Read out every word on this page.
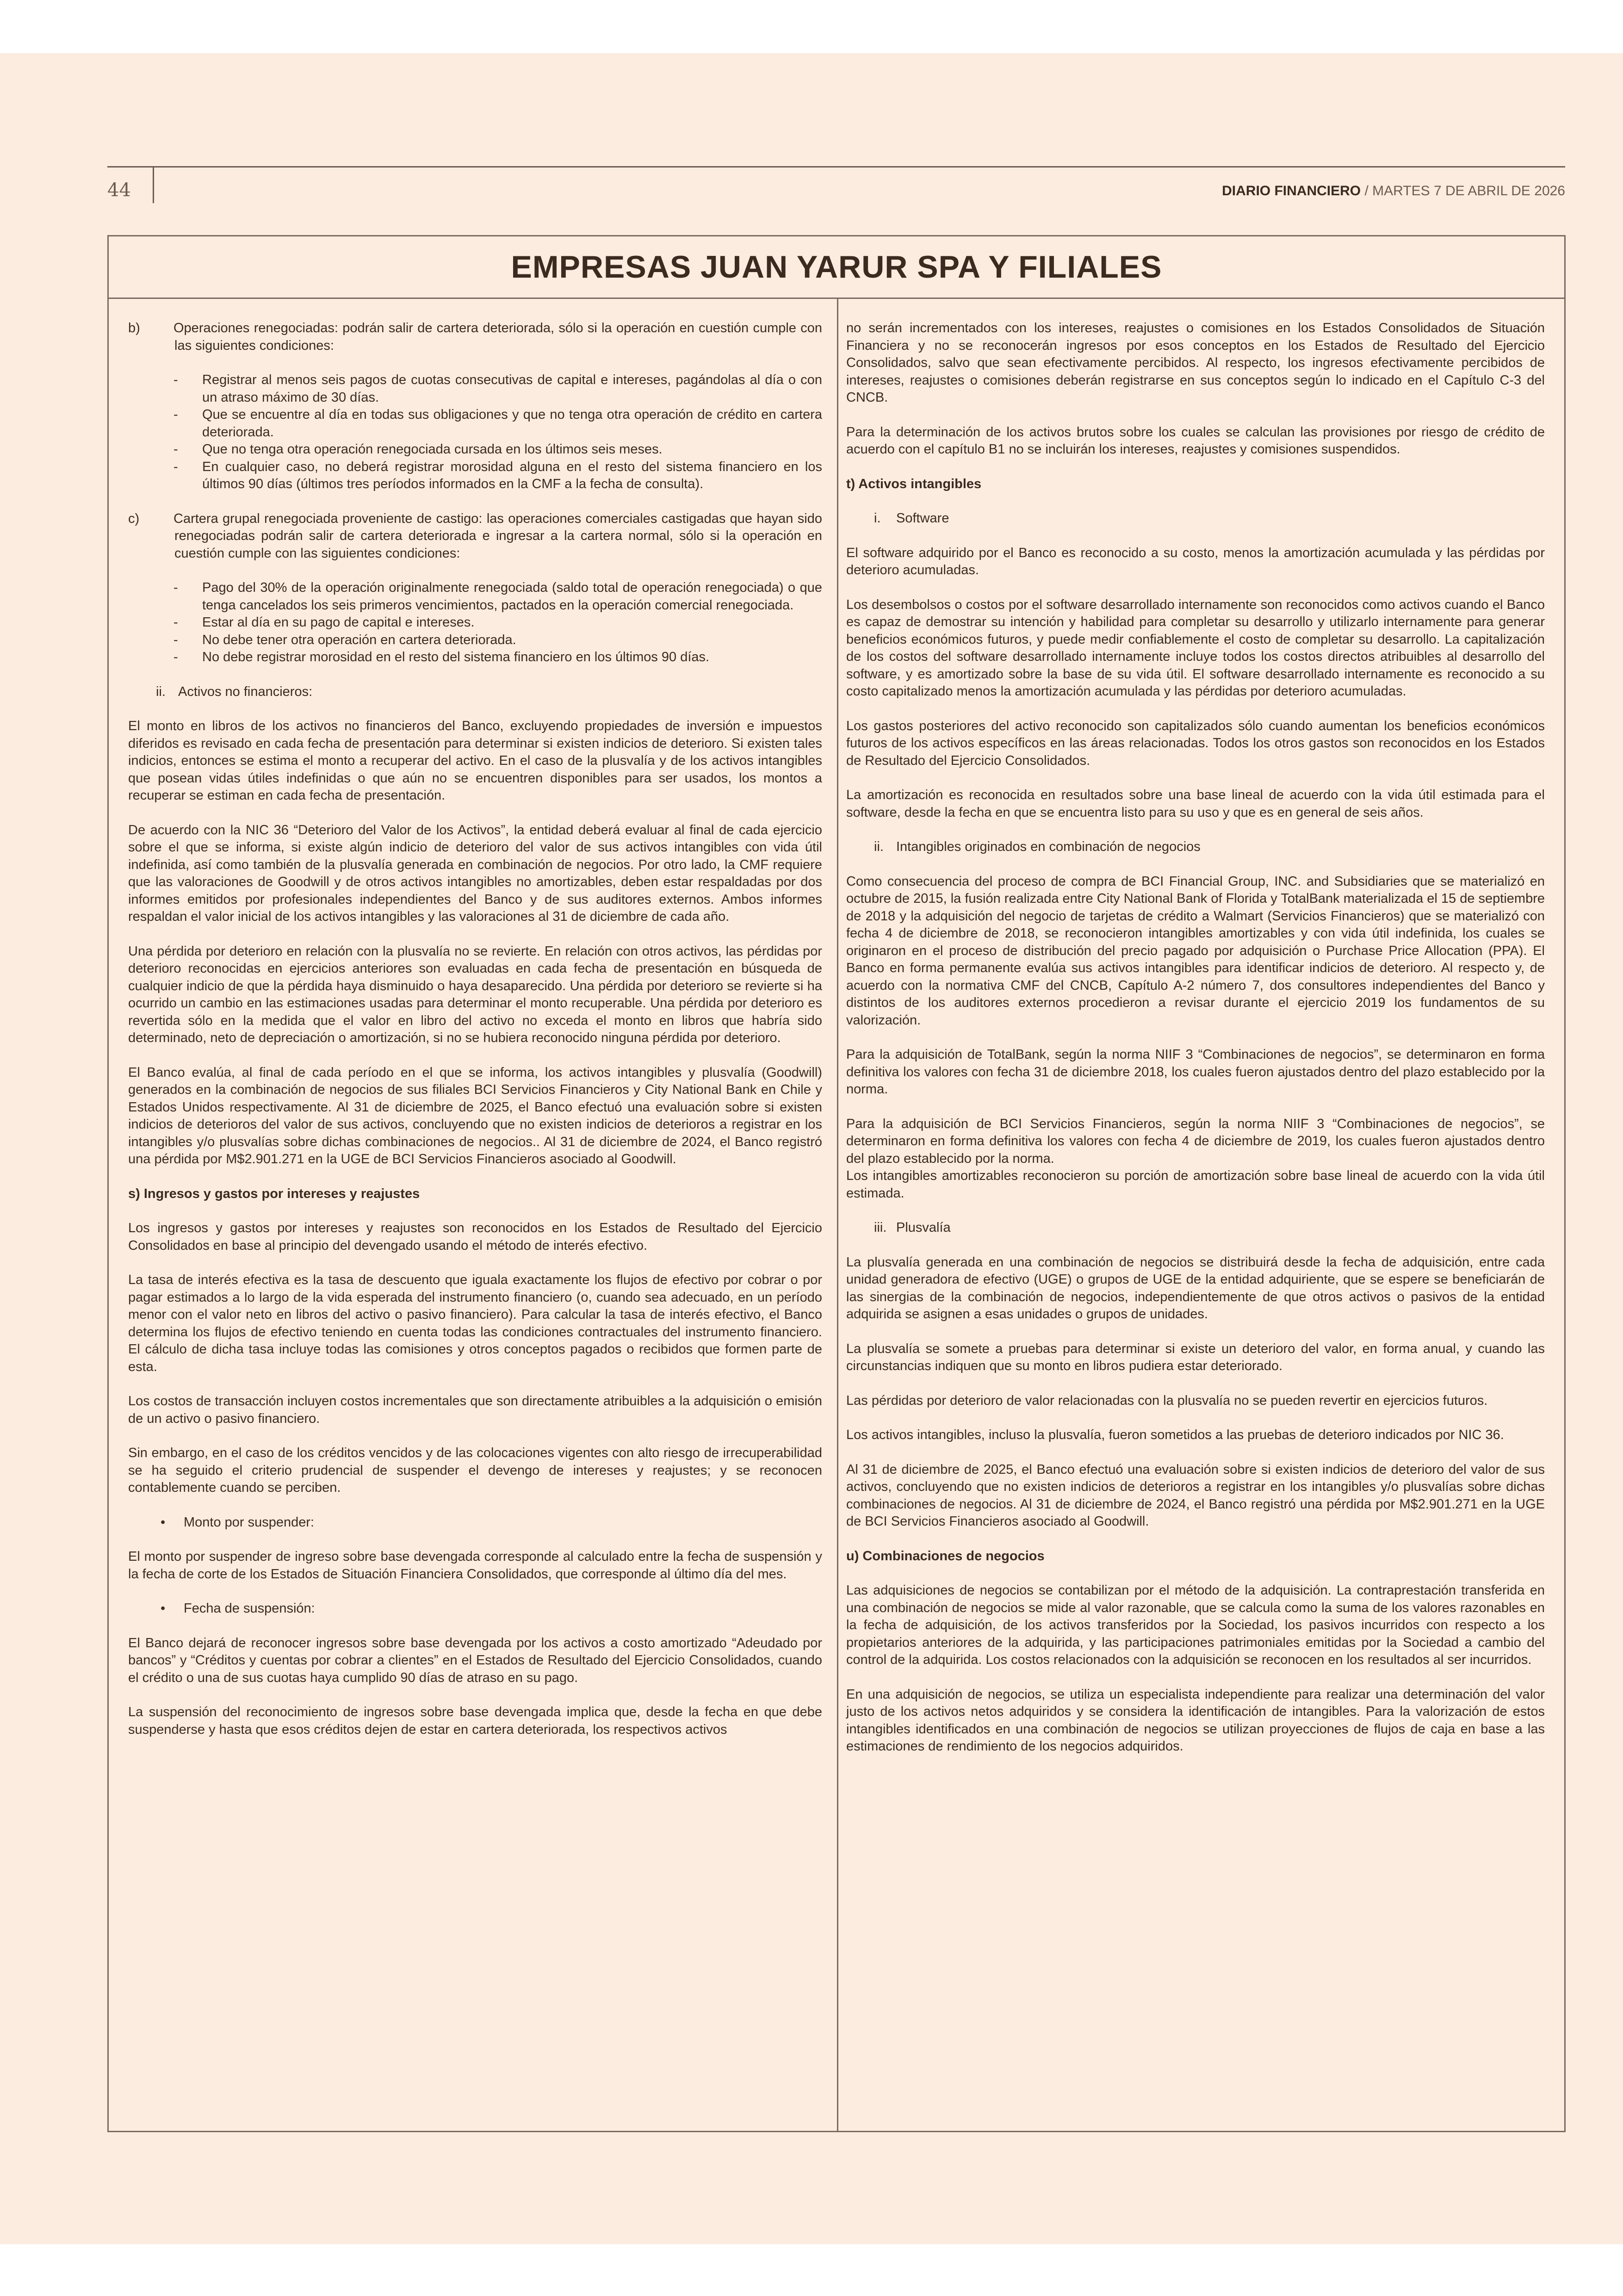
44	DIARIO FINANCIERO / MARTES 7 DE ABRIL DE 2026
EMPRESAS JUAN YARUR SPA Y FILIALES

b) Operaciones renegociadas: podrán salir de cartera deteriorada, sólo si la operación en cuestión cumple con las siguientes condiciones:

- Registrar al menos seis pagos de cuotas consecutivas de capital e intereses, pagándolas al día o con un atraso máximo de 30 días.
- Que se encuentre al día en todas sus obligaciones y que no tenga otra operación de crédito en cartera deteriorada.
- Que no tenga otra operación renegociada cursada en los últimos seis meses.
- En cualquier caso, no deberá registrar morosidad alguna en el resto del sistema financiero en los últimos 90 días (últimos tres períodos informados en la CMF a la fecha de consulta).

c)	Cartera grupal renegociada proveniente de castigo: las operaciones comerciales castigadas que hayan sido renegociadas podrán salir de cartera deteriorada e ingresar a la cartera normal, sólo si la operación en cuestión cumple con las siguientes condiciones:

- Pago del 30% de la operación originalmente renegociada (saldo total de operación renegociada) o que tenga cancelados los seis primeros vencimientos, pactados en la operación comercial renegociada.
- Estar al día en su pago de capital e intereses.
- No debe tener otra operación en cartera deteriorada.
- No debe registrar morosidad en el resto del sistema financiero en los últimos 90 días.

ii. Activos no financieros:

El monto en libros de los activos no financieros del Banco, excluyendo propiedades de inversión e impuestos diferidos es revisado en cada fecha de presentación para determinar si existen indicios de deterioro. Si existen tales indicios, entonces se estima el monto a recuperar del activo. En el caso de la plusvalía y de los activos intangibles que posean vidas útiles indefinidas o que aún no se encuentren disponibles para ser usados, los montos a recuperar se estiman en cada fecha de presentación.

De acuerdo con la NIC 36 “Deterioro del Valor de los Activos”, la entidad deberá evaluar al final de cada ejercicio sobre el que se informa, si existe algún indicio de deterioro del valor de sus activos intangibles con vida útil indefinida, así como también de la plusvalía generada en combinación de negocios. Por otro lado, la CMF requiere que las valoraciones de Goodwill y de otros activos intangibles no amortizables, deben estar respaldadas por dos informes emitidos por profesionales independientes del Banco y de sus auditores externos. Ambos informes respaldan el valor inicial de los activos intangibles y las valoraciones al 31 de diciembre de cada año.

Una pérdida por deterioro en relación con la plusvalía no se revierte. En relación con otros activos, las pérdidas por deterioro reconocidas en ejercicios anteriores son evaluadas en cada fecha de presentación en búsqueda de cualquier indicio de que la pérdida haya disminuido o haya desaparecido. Una pérdida por deterioro se revierte si ha ocurrido un cambio en las estimaciones usadas para determinar el monto recuperable. Una pérdida por deterioro es revertida sólo en la medida que el valor en libro del activo no exceda el monto en libros que habría sido determinado, neto de depreciación o amortización, si no se hubiera reconocido ninguna pérdida por deterioro.

El Banco evalúa, al final de cada período en el que se informa, los activos intangibles y plusvalía (Goodwill) generados en la combinación de negocios de sus filiales BCI Servicios Financieros y City National Bank en Chile y Estados Unidos respectivamente. Al 31 de diciembre de 2025, el Banco efectuó una evaluación sobre si existen indicios de deterioros del valor de sus activos, concluyendo que no existen indicios de deterioros a registrar en los intangibles y/o plusvalías sobre dichas combinaciones de negocios.. Al 31 de diciembre de 2024, el Banco registró una pérdida por M$2.901.271 en la UGE de BCI Servicios Financieros asociado al Goodwill.

s) Ingresos y gastos por intereses y reajustes

Los ingresos y gastos por intereses y reajustes son reconocidos en los Estados de Resultado del Ejercicio Consolidados en base al principio del devengado usando el método de interés efectivo.

La tasa de interés efectiva es la tasa de descuento que iguala exactamente los flujos de efectivo por cobrar o por pagar estimados a lo largo de la vida esperada del instrumento financiero (o, cuando sea adecuado, en un período menor con el valor neto en libros del activo o pasivo financiero). Para calcular la tasa de interés efectivo, el Banco determina los flujos de efectivo teniendo en cuenta todas las condiciones contractuales del instrumento financiero. El cálculo de dicha tasa incluye todas las comisiones y otros conceptos pagados o recibidos que formen parte de esta.

Los costos de transacción incluyen costos incrementales que son directamente atribuibles a la adquisición o emisión de un activo o pasivo financiero.

Sin embargo, en el caso de los créditos vencidos y de las colocaciones vigentes con alto riesgo de irrecuperabilidad se ha seguido el criterio prudencial de suspender el devengo de intereses y reajustes; y se reconocen contablemente cuando se perciben.

• Monto por suspender:

El monto por suspender de ingreso sobre base devengada corresponde al calculado entre la fecha de suspensión y la fecha de corte de los Estados de Situación Financiera Consolidados, que corresponde al último día del mes.

• Fecha de suspensión:

El Banco dejará de reconocer ingresos sobre base devengada por los activos a costo amortizado “Adeudado por bancos” y “Créditos y cuentas por cobrar a clientes” en el Estados de Resultado del Ejercicio Consolidados, cuando el crédito o una de sus cuotas haya cumplido 90 días de atraso en su pago.

La suspensión del reconocimiento de ingresos sobre base devengada implica que, desde la fecha en que debe suspenderse y hasta que esos créditos dejen de estar en cartera deteriorada, los respectivos activos

no serán incrementados con los intereses, reajustes o comisiones en los Estados Consolidados de Situación Financiera y no se reconocerán ingresos por esos conceptos en los Estados de Resultado del Ejercicio Consolidados, salvo que sean efectivamente percibidos. Al respecto, los ingresos efectivamente percibidos de intereses, reajustes o comisiones deberán registrarse en sus conceptos según lo indicado en el Capítulo C-3 del CNCB.

Para la determinación de los activos brutos sobre los cuales se calculan las provisiones por riesgo de crédito de acuerdo con el capítulo B1 no se incluirán los intereses, reajustes y comisiones suspendidos.

t) Activos intangibles

i. Software

El software adquirido por el Banco es reconocido a su costo, menos la amortización acumulada y las pérdidas por deterioro acumuladas.

Los desembolsos o costos por el software desarrollado internamente son reconocidos como activos cuando el Banco es capaz de demostrar su intención y habilidad para completar su desarrollo y utilizarlo internamente para generar beneficios económicos futuros, y puede medir confiablemente el costo de completar su desarrollo. La capitalización de los costos del software desarrollado internamente incluye todos los costos directos atribuibles al desarrollo del software, y es amortizado sobre la base de su vida útil. El software desarrollado internamente es reconocido a su costo capitalizado menos la amortización acumulada y las pérdidas por deterioro acumuladas.

Los gastos posteriores del activo reconocido son capitalizados sólo cuando aumentan los beneficios económicos futuros de los activos específicos en las áreas relacionadas. Todos los otros gastos son reconocidos en los Estados de Resultado del Ejercicio Consolidados.

La amortización es reconocida en resultados sobre una base lineal de acuerdo con la vida útil estimada para el software, desde la fecha en que se encuentra listo para su uso y que es en general de seis años.

ii. Intangibles originados en combinación de negocios

Como consecuencia del proceso de compra de BCI Financial Group, INC. and Subsidiaries que se materializó en octubre de 2015, la fusión realizada entre City National Bank of Florida y TotalBank materializada el 15 de septiembre de 2018 y la adquisición del negocio de tarjetas de crédito a Walmart (Servicios Financieros) que se materializó con fecha 4 de diciembre de 2018, se reconocieron intangibles amortizables y con vida útil indefinida, los cuales se originaron en el proceso de distribución del precio pagado por adquisición o Purchase Price Allocation (PPA). El Banco en forma permanente evalúa sus activos intangibles para identificar indicios de deterioro. Al respecto y, de acuerdo con la normativa CMF del CNCB, Capítulo A-2 número 7, dos consultores independientes del Banco y distintos de los auditores externos procedieron a revisar durante el ejercicio 2019 los fundamentos de su valorización.

Para la adquisición de TotalBank, según la norma NIIF 3 “Combinaciones de negocios”, se determinaron en forma definitiva los valores con fecha 31 de diciembre 2018, los cuales fueron ajustados dentro del plazo establecido por la norma.

Para la adquisición de BCI Servicios Financieros, según la norma NIIF 3 “Combinaciones de negocios”, se determinaron en forma definitiva los valores con fecha 4 de diciembre de 2019, los cuales fueron ajustados dentro del plazo establecido por la norma.

Los intangibles amortizables reconocieron su porción de amortización sobre base lineal de acuerdo con la vida útil estimada.

iii. Plusvalía

La plusvalía generada en una combinación de negocios se distribuirá desde la fecha de adquisición, entre cada unidad generadora de efectivo (UGE) o grupos de UGE de la entidad adquiriente, que se espere se beneficiarán de las sinergias de la combinación de negocios, independientemente de que otros activos o pasivos de la entidad adquirida se asignen a esas unidades o grupos de unidades.

La plusvalía se somete a pruebas para determinar si existe un deterioro del valor, en forma anual, y cuando las circunstancias indiquen que su monto en libros pudiera estar deteriorado.

Las pérdidas por deterioro de valor relacionadas con la plusvalía no se pueden revertir en ejercicios futuros.

Los activos intangibles, incluso la plusvalía, fueron sometidos a las pruebas de deterioro indicados por NIC 36.

Al 31 de diciembre de 2025, el Banco efectuó una evaluación sobre si existen indicios de deterioro del valor de sus activos, concluyendo que no existen indicios de deterioros a registrar en los intangibles y/o plusvalías sobre dichas combinaciones de negocios. Al 31 de diciembre de 2024, el Banco registró una pérdida por M$2.901.271 en la UGE de BCI Servicios Financieros asociado al Goodwill.

u) Combinaciones de negocios

Las adquisiciones de negocios se contabilizan por el método de la adquisición. La contraprestación transferida en una combinación de negocios se mide al valor razonable, que se calcula como la suma de los valores razonables en la fecha de adquisición, de los activos transferidos por la Sociedad, los pasivos incurridos con respecto a los propietarios anteriores de la adquirida, y las participaciones patrimoniales emitidas por la Sociedad a cambio del control de la adquirida. Los costos relacionados con la adquisición se reconocen en los resultados al ser incurridos.

En una adquisición de negocios, se utiliza un especialista independiente para realizar una determinación del valor justo de los activos netos adquiridos y se considera la identificación de intangibles. Para la valorización de estos intangibles identificados en una combinación de negocios se utilizan proyecciones de flujos de caja en base a las estimaciones de rendimiento de los negocios adquiridos.
